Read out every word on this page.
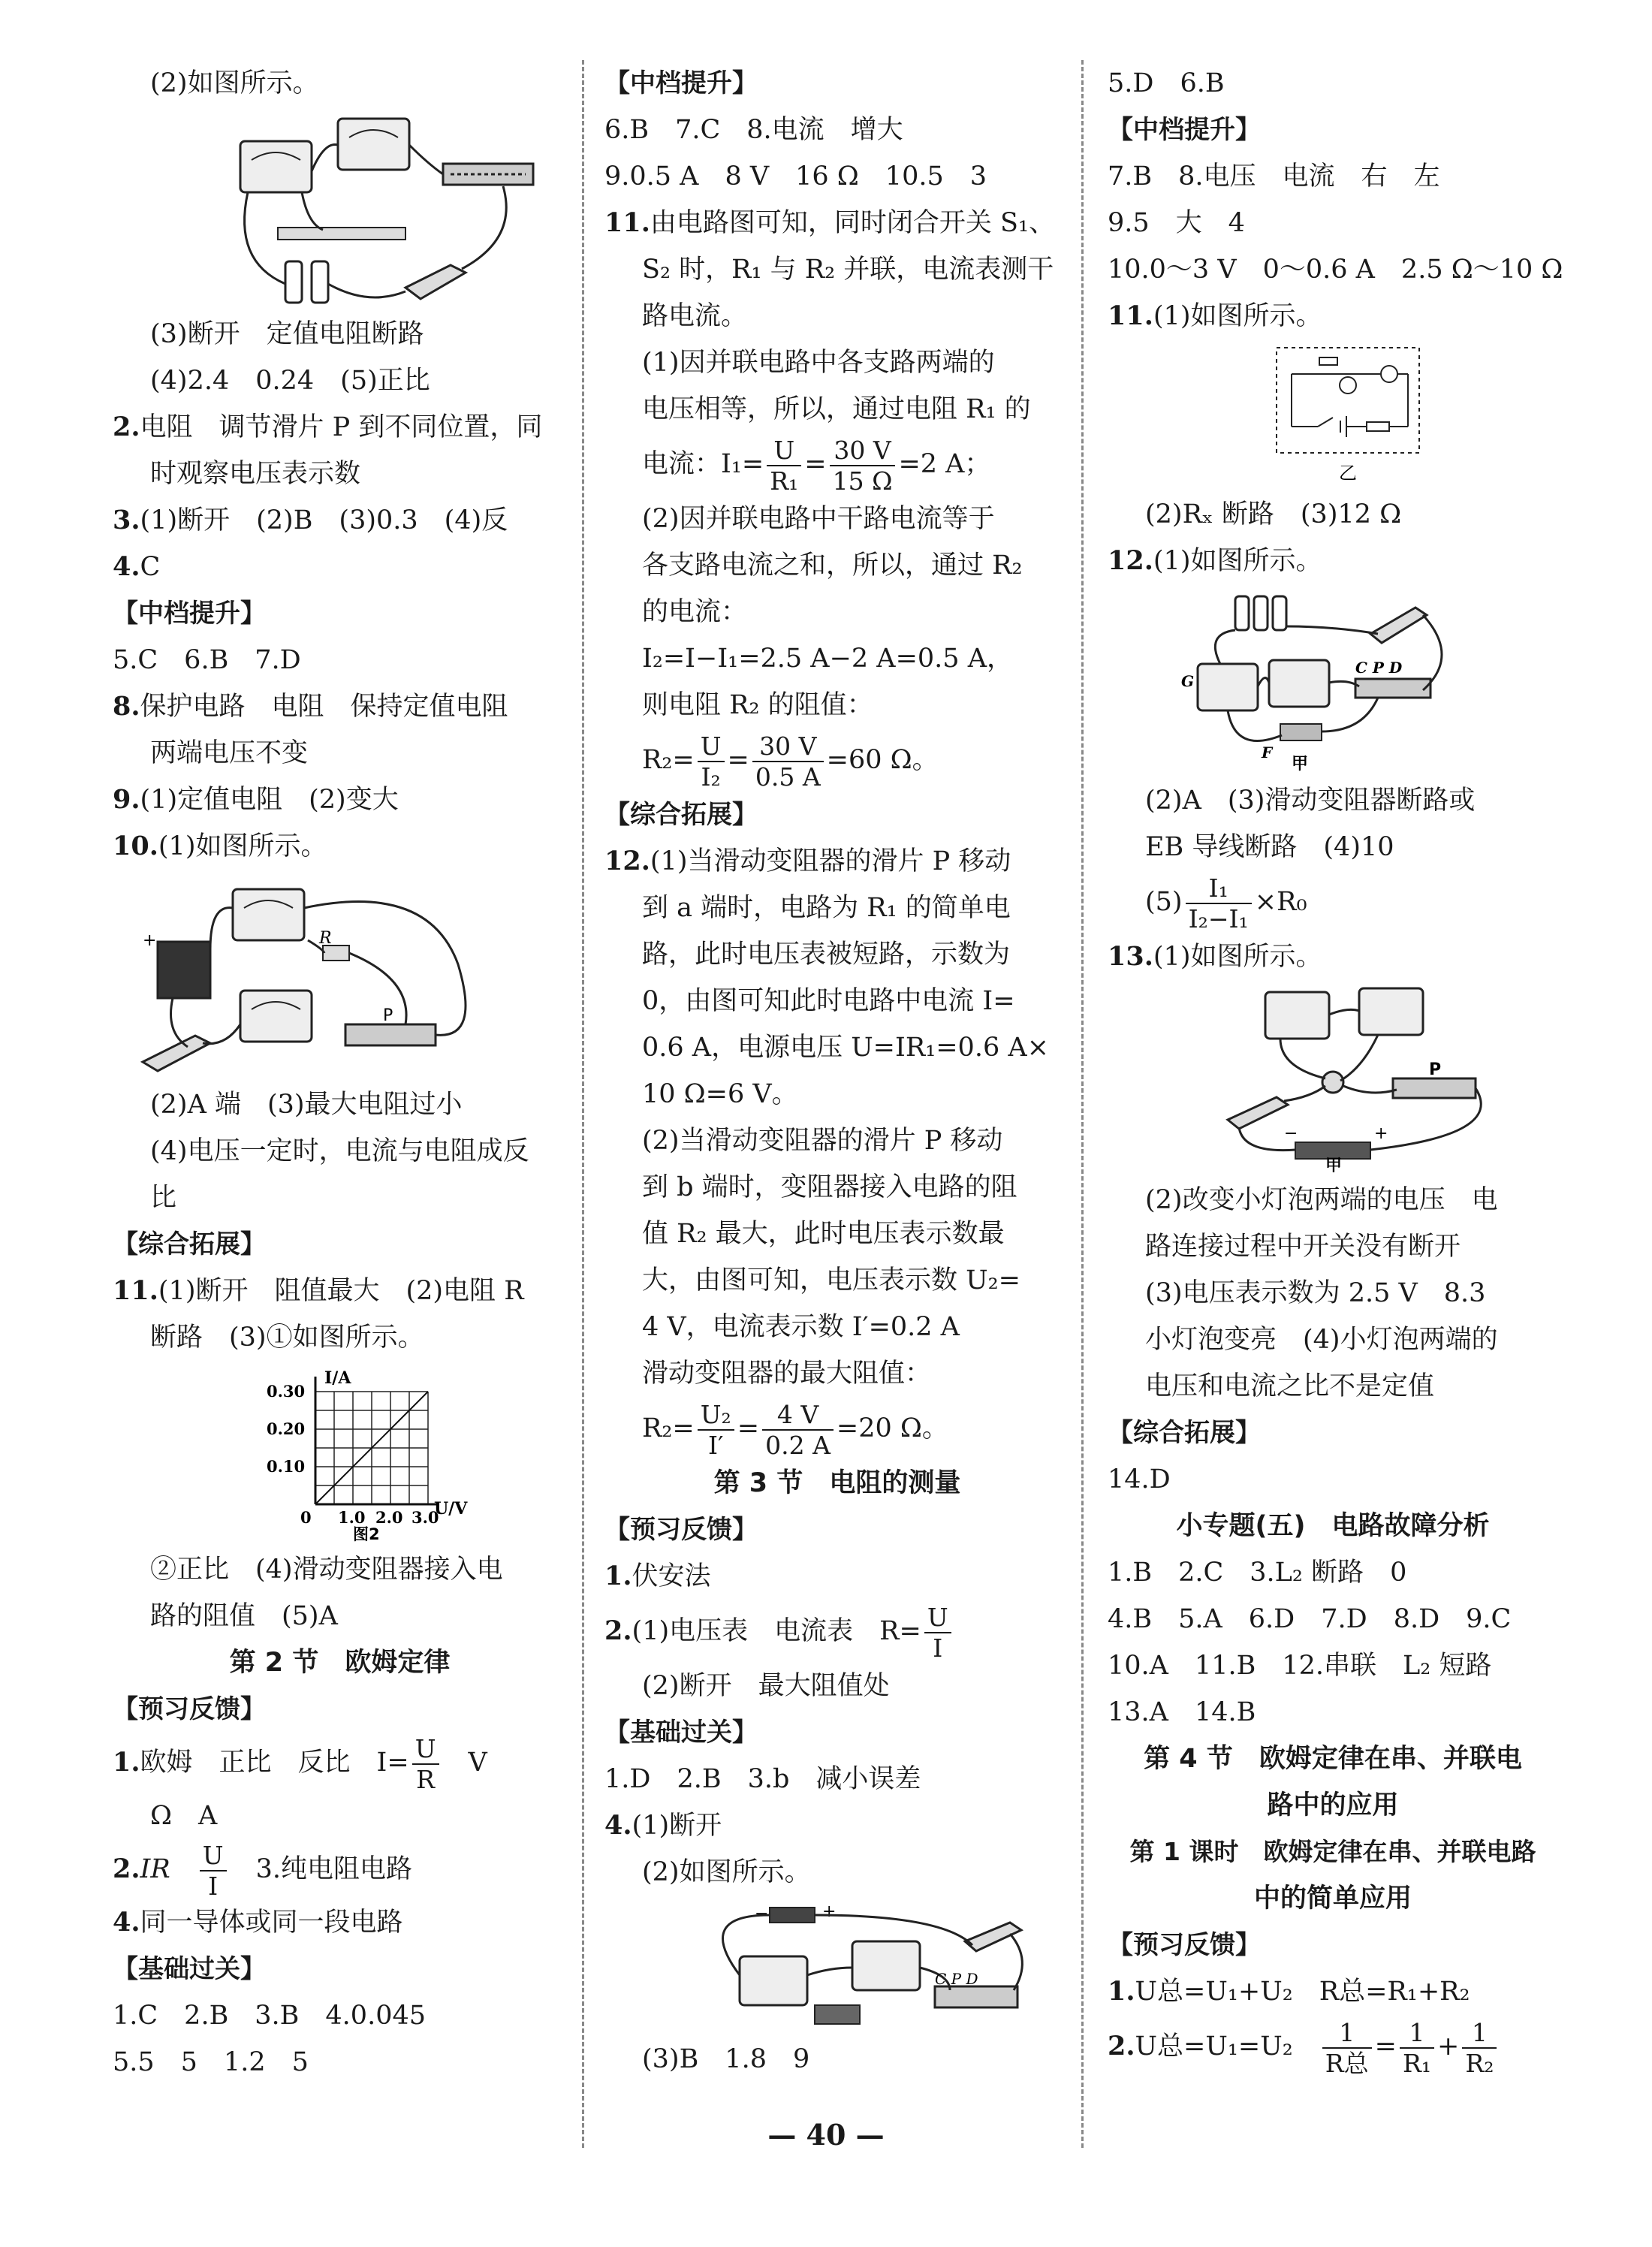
(2)如图所示。
(3)断开　定值电阻断路
(4)2.4　0.24　(5)正比
2.电阻　调节滑片 P 到不同位置，同
时观察电压表示数
3.(1)断开　(2)B　(3)0.3　(4)反
4.C
【中档提升】
5.C　6.B　7.D
8.保护电路　电阻　保持定值电阻
两端电压不变
9.(1)定值电阻　(2)变大
10.(1)如图所示。
+	R
P
(2)A 端　(3)最大电阻过小
(4)电压一定时，电流与电阻成反
比
【综合拓展】
11.(1)断开　阻值最大　(2)电阻 R
断路　(3)①如图所示。
I/A
U/V
0.30
0.20
0.10
0 1.0 2.0 3.0
图2
②正比　(4)滑动变阻器接入电
路的阻值　(5)A
第 2 节　欧姆定律
【预习反馈】
1.欧姆　正比　反比　$I= \frac{U}{R}$
　 V
Ω　A
2.IR　 $\frac{U}{I}$
　 3.纯电阻电路
4.同一导体或同一段电路
【基础过关】
1.C　2.B　3.B　4.0.045
5.5　5　1.2　5
【中档提升】
6.B　7.C　8.电流　增大
9.0.5 A　8 V　16 Ω　10.5　3
11.由电路图可知，同时闭合开关 S₁、
S₂ 时，R₁ 与 R₂ 并联，电流表测干
路电流。
(1)因并联电路中各支路两端的
电压相等，所以，通过电阻 R₁ 的
电流：$I_1= \frac{U}{\text{R₁}} = \frac{30 V}{15 \Omega} =2$ A；
(2)因并联电路中干路电流等于
各支路电流之和，所以，通过 R₂
的电流：
I₂=I−I₁=2.5 A−2 A=0.5 A，
则电阻 R₂ 的阻值：
$R_2= \frac{U}{\text{I₂}} = \frac{30 V}{0.5 A} =60$ Ω。
【综合拓展】
12.(1)当滑动变阻器的滑片 P 移动
到 a 端时，电路为 R₁ 的简单电
路，此时电压表被短路，示数为
0，由图可知此时电路中电流 I=
0.6 A，电源电压 U=IR₁=0.6 A×
10 Ω=6 V。
(2)当滑动变阻器的滑片 P 移动
到 b 端时，变阻器接入电路的阻
值 R₂ 最大，此时电压表示数最
大，由图可知，电压表示数 U₂=
4 V，电流表示数 I′=0.2 A
滑动变阻器的最大阻值：
$R_2= \frac{\text{U₂}}{I'} = \frac{4 V}{0.2 A} =20$ Ω。
第 3 节　电阻的测量
【预习反馈】
1.伏安法
2.(1)电压表　电流表　$R= \frac{U}{I}$
(2)断开　最大阻值处
【基础过关】
1.D　2.B　3.b　减小误差
4.(1)断开
(2)如图所示。
−	+
C P D
(3)B　1.8　9
5.D　6.B
【中档提升】
7.B　8.电压　电流　右　左
9.5　大　4
10.0～3 V　0～0.6 A　2.5 Ω～10 Ω
11.(1)如图所示。
乙
(2)Rₓ 断路　(3)12 Ω
12.(1)如图所示。
G
C P D
F
甲
(2)A　(3)滑动变阻器断路或
EB 导线断路　(4)10
$(5) \frac{\text{I₁}}{\text{I₂−I₁}} \times R_0$
13.(1)如图所示。
P
−	+
甲
(2)改变小灯泡两端的电压　电
路连接过程中开关没有断开
(3)电压表示数为 2.5 V　8.3
小灯泡变亮　(4)小灯泡两端的
电压和电流之比不是定值
【综合拓展】
14.D
小专题(五)　电路故障分析
1.B　2.C　3.L₂ 断路　0
4.B　5.A　6.D　7.D　8.D　9.C
10.A　11.B　12.串联　L₂ 短路
13.A　14.B
第 4 节　欧姆定律在串、并联电
路中的应用
第 1 课时　欧姆定律在串、并联电路
中的简单应用
【预习反馈】
1.U总=U₁+U₂　R总=R₁+R₂
2.U总=U₁=U₂　 $\frac{1}{\text{R总}} = \frac{1}{\text{R₁}} + \frac{1}{\text{R₂}}$
— 40 —
